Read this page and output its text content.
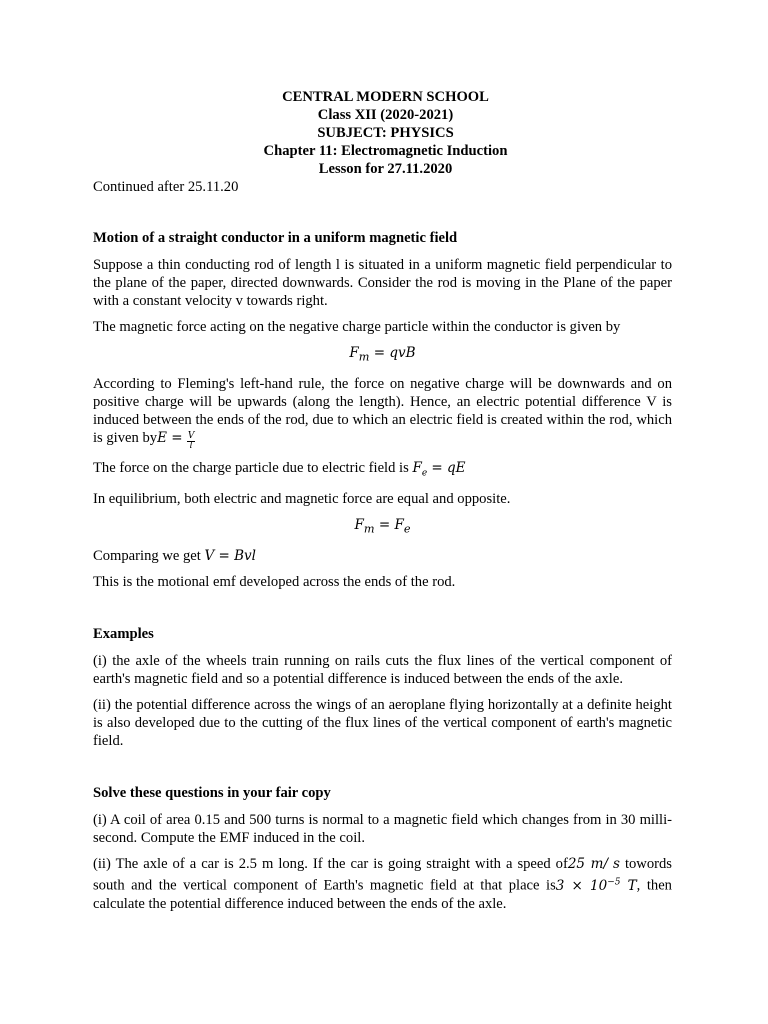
CENTRAL MODERN SCHOOL
Class XII (2020-2021)
SUBJECT: PHYSICS
Chapter 11: Electromagnetic Induction
Lesson for 27.11.2020

Continued after 25.11.20

Motion of a straight conductor in a uniform magnetic field

Suppose a thin conducting rod of length l is situated in a uniform magnetic field perpendicular to the plane of the paper, directed downwards. Consider the rod is moving in the Plane of the paper with a constant velocity v towards right.

The magnetic force acting on the negative charge particle within the conductor is given by

$F_m$ = qvB

According to Fleming's left-hand rule, the force on negative charge will be downwards and on positive charge will be upwards (along the length). Hence, an electric potential difference V is induced between the ends of the rod, due to which an electric field is created within the rod, which is given byE = $\frac{V}{l}$

The force on the charge particle due to electric field is $F_e$ = qE

In equilibrium, both electric and magnetic force are equal and opposite.

$F_m = F_e$

Comparing we get V = Bvl

This is the motional emf developed across the ends of the rod.

Examples

(i) the axle of the wheels train running on rails cuts the flux lines of the vertical component of earth's magnetic field and so a potential difference is induced between the ends of the axle.

(ii) the potential difference across the wings of an aeroplane flying horizontally at a definite height is also developed due to the cutting of the flux lines of the vertical component of earth's magnetic field.

Solve these questions in your fair copy

(i) A coil of area 0.15 and 500 turns is normal to a magnetic field which changes from in 30 milli-second. Compute the EMF induced in the coil.

(ii) The axle of a car is 2.5 m long. If the car is going straight with a speed of25 m/ s towords south and the vertical component of Earth's magnetic field at that place $is3 \times 10^{-5}$ T, then calculate the potential difference induced between the ends of the axle.
